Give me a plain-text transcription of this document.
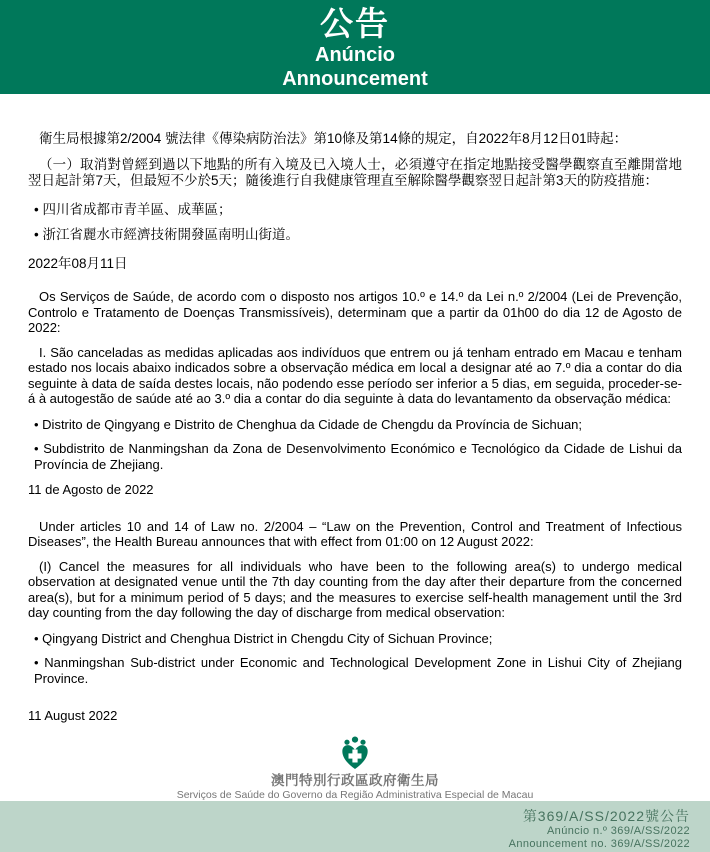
公告
Anúncio
Announcement

衛生局根據第2/2004 號法律《傳染病防治法》第10條及第14條的規定，自2022年8月12日01時起：

（一）取消對曾經到過以下地點的所有入境及已入境人士，必須遵守在指定地點接受醫學觀察直至離開當地翌日起計第7天，但最短不少於5天；隨後進行自我健康管理直至解除醫學觀察翌日起計第3天的防疫措施：

• 四川省成都市青羊區、成華區；

• 浙江省麗水市經濟技術開發區南明山街道。

2022年08月11日

Os Serviços de Saúde, de acordo com o disposto nos artigos 10.º e 14.º da Lei n.º 2/2004 (Lei de Prevenção, Controlo e Tratamento de Doenças Transmissíveis), determinam que a partir da 01h00 do dia 12 de Agosto de 2022:

I. São canceladas as medidas aplicadas aos indivíduos que entrem ou já tenham entrado em Macau e tenham estado nos locais abaixo indicados sobre a observação médica em local a designar até ao 7.º dia a contar do dia seguinte à data de saída destes locais, não podendo esse período ser inferior a 5 dias, em seguida, proceder-se-á à autogestão de saúde até ao 3.º dia a contar do dia seguinte à data do levantamento da observação médica:

• Distrito de Qingyang e Distrito de Chenghua da Cidade de Chengdu da Província de Sichuan;

• Subdistrito de Nanmingshan da Zona de Desenvolvimento Económico e Tecnológico da Cidade de Lishui da Província de Zhejiang.

11 de Agosto de 2022

Under articles 10 and 14 of Law no. 2/2004 – “Law on the Prevention, Control and Treatment of Infectious Diseases”, the Health Bureau announces that with effect from 01:00 on 12 August 2022:

(I) Cancel the measures for all individuals who have been to the following area(s) to undergo medical observation at designated venue until the 7th day counting from the day after their departure from the concerned area(s), but for a minimum period of 5 days; and the measures to exercise self-health management until the 3rd day counting from the day following the day of discharge from medical observation:

• Qingyang District and Chenghua District in Chengdu City of Sichuan Province;

• Nanmingshan Sub-district under Economic and Technological Development Zone in Lishui City of Zhejiang Province.

11 August 2022

澳門特別行政區政府衛生局
Serviços de Saúde do Governo da Região Administrativa Especial de Macau
第369/A/SS/2022號公告
Anúncio n.º 369/A/SS/2022
Announcement no. 369/A/SS/2022
